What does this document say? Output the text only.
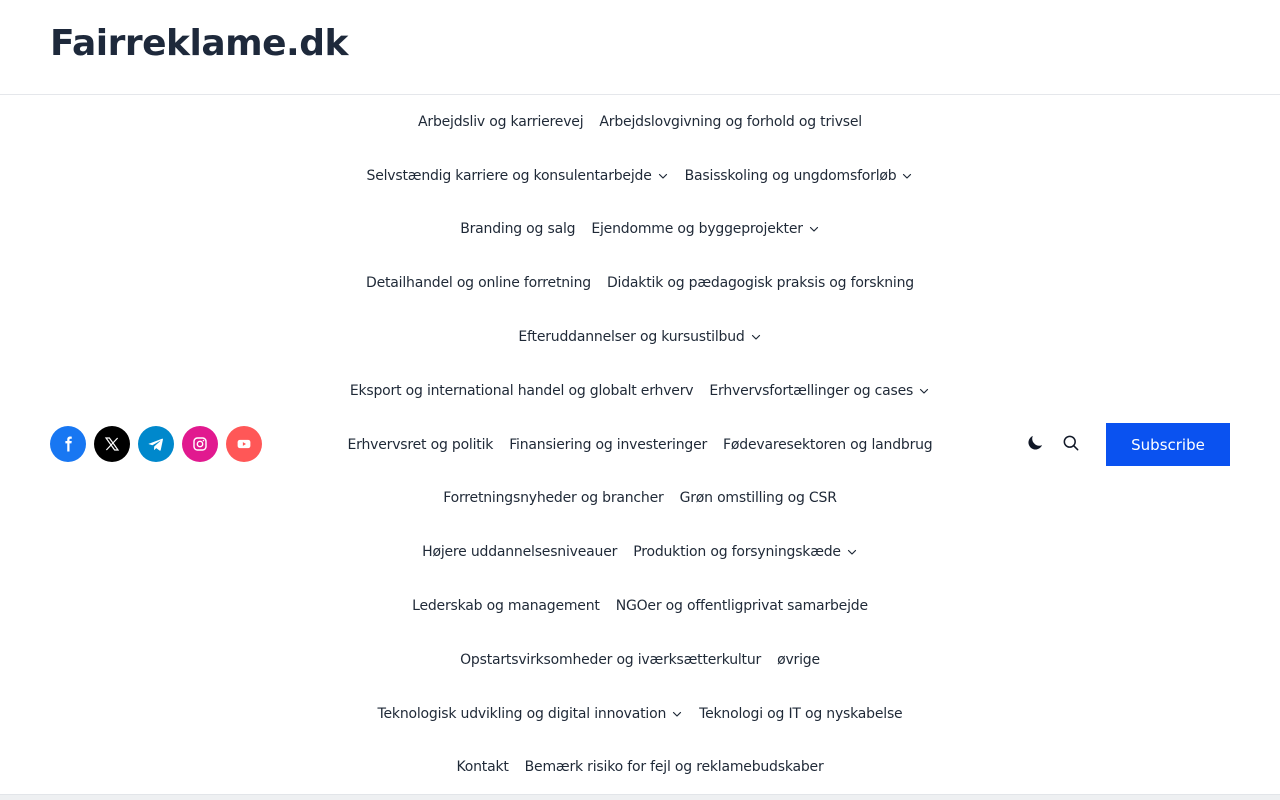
Fairreklame.dk
Arbejdsliv og karrierevej Arbejdslovgivning og forhold og trivsel
Selvstændig karriere og konsulentarbejde Basisskoling og ungdomsforløb
Branding og salg Ejendomme og byggeprojekter
Detailhandel og online forretning Didaktik og pædagogisk praksis og forskning
Efteruddannelser og kursustilbud
Eksport og international handel og globalt erhverv Erhvervsfortællinger og cases
Erhvervsret og politik Finansiering og investeringer Fødevaresektoren og landbrug
Forretningsnyheder og brancher Grøn omstilling og CSR
Højere uddannelsesniveauer Produktion og forsyningskæde
Lederskab og management NGOer og offentligprivat samarbejde
Opstartsvirksomheder og iværksætterkultur øvrige
Teknologisk udvikling og digital innovation Teknologi og IT og nyskabelse
Kontakt Bemærk risiko for fejl og reklamebudskaber
Subscribe
